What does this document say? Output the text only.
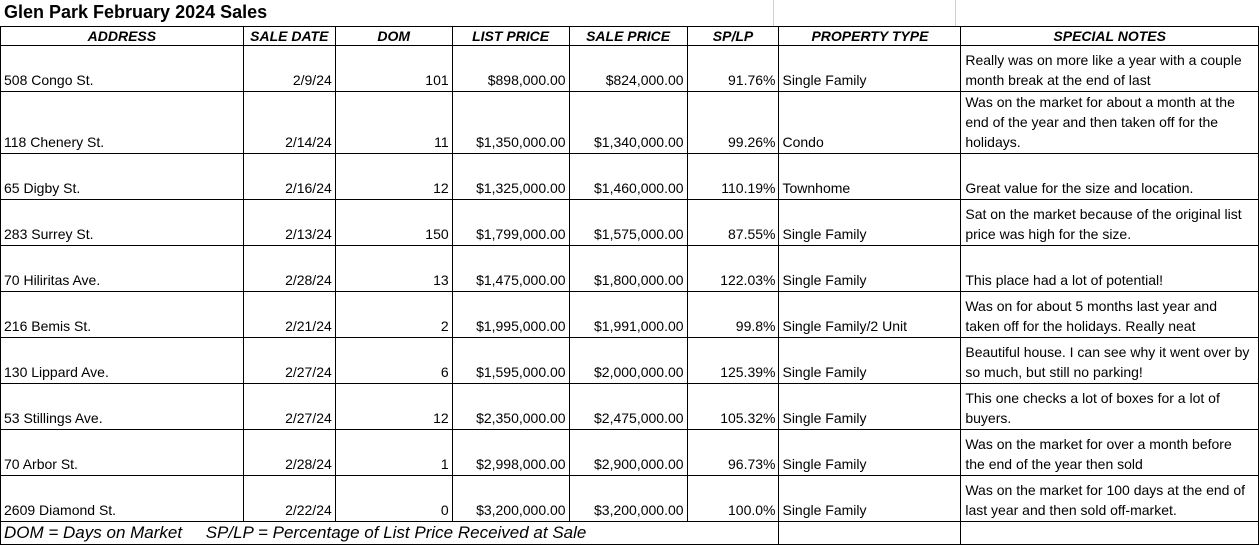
Glen Park February 2024 Sales
ADDRESS	SALE DATE	DOM	LIST PRICE	SALE PRICE	SP/LP	PROPERTY TYPE	SPECIAL NOTES
508 Congo St.	2/9/24	101	$898,000.00	$824,000.00	91.76%	Single Family	Really was on more like a year with a couple month break at the end of last
118 Chenery St.	2/14/24	11	$1,350,000.00	$1,340,000.00	99.26%	Condo	Was on the market for about a month at the end of the year and then taken off for the holidays.
65 Digby St.	2/16/24	12	$1,325,000.00	$1,460,000.00	110.19%	Townhome	Great value for the size and location.
283 Surrey St.	2/13/24	150	$1,799,000.00	$1,575,000.00	87.55%	Single Family	Sat on the market because of the original list price was high for the size.
70 Hiliritas Ave.	2/28/24	13	$1,475,000.00	$1,800,000.00	122.03%	Single Family	This place had a lot of potential!
216 Bemis St.	2/21/24	2	$1,995,000.00	$1,991,000.00	99.8%	Single Family/2 Unit	Was on for about 5 months last year and taken off for the holidays. Really neat
130 Lippard Ave.	2/27/24	6	$1,595,000.00	$2,000,000.00	125.39%	Single Family	Beautiful house. I can see why it went over by so much, but still no parking!
53 Stillings Ave.	2/27/24	12	$2,350,000.00	$2,475,000.00	105.32%	Single Family	This one checks a lot of boxes for a lot of buyers.
70 Arbor St.	2/28/24	1	$2,998,000.00	$2,900,000.00	96.73%	Single Family	Was on the market for over a month before the end of the year then sold
2609 Diamond St.	2/22/24	0	$3,200,000.00	$3,200,000.00	100.0%	Single Family	Was on the market for 100 days at the end of last year and then sold off-market.
DOM = Days on Market     SP/LP = Percentage of List Price Received at Sale							
